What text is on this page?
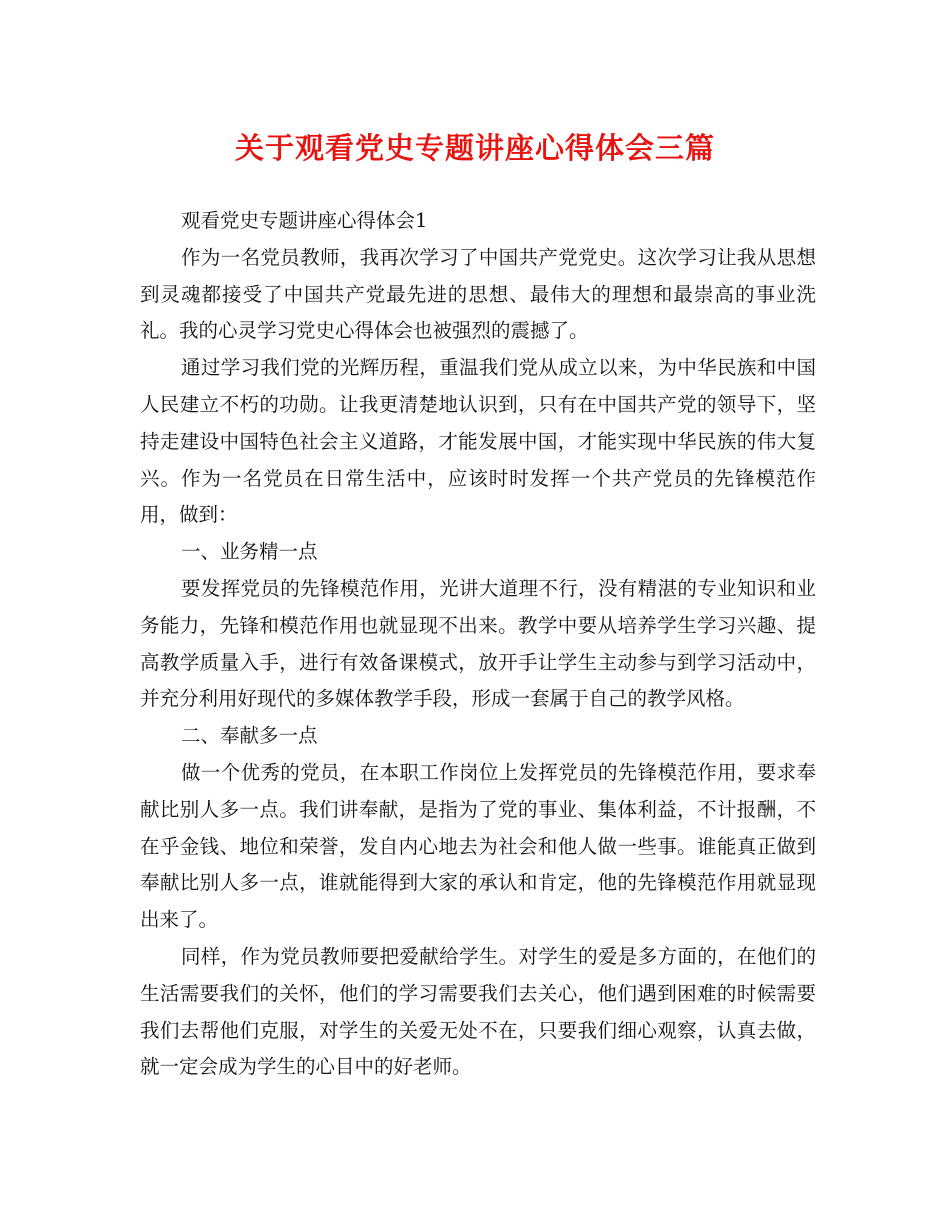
关于观看党史专题讲座心得体会三篇

观看党史专题讲座心得体会1

作为一名党员教师，我再次学习了中国共产党党史。这次学习让我从思想到灵魂都接受了中国共产党最先进的思想、最伟大的理想和最崇高的事业洗礼。我的心灵学习党史心得体会也被强烈的震撼了。

通过学习我们党的光辉历程，重温我们党从成立以来，为中华民族和中国人民建立不朽的功勋。让我更清楚地认识到，只有在中国共产党的领导下，坚持走建设中国特色社会主义道路，才能发展中国，才能实现中华民族的伟大复兴。作为一名党员在日常生活中，应该时时发挥一个共产党员的先锋模范作用，做到：

一、业务精一点

要发挥党员的先锋模范作用，光讲大道理不行，没有精湛的专业知识和业务能力，先锋和模范作用也就显现不出来。教学中要从培养学生学习兴趣、提高教学质量入手，进行有效备课模式，放开手让学生主动参与到学习活动中，并充分利用好现代的多媒体教学手段，形成一套属于自己的教学风格。

二、奉献多一点

做一个优秀的党员，在本职工作岗位上发挥党员的先锋模范作用，要求奉献比别人多一点。我们讲奉献，是指为了党的事业、集体利益，不计报酬，不在乎金钱、地位和荣誉，发自内心地去为社会和他人做一些事。谁能真正做到奉献比别人多一点，谁就能得到大家的承认和肯定，他的先锋模范作用就显现出来了。

同样，作为党员教师要把爱献给学生。对学生的爱是多方面的，在他们的生活需要我们的关怀，他们的学习需要我们去关心，他们遇到困难的时候需要我们去帮他们克服，对学生的关爱无处不在，只要我们细心观察，认真去做，就一定会成为学生的心目中的好老师。
